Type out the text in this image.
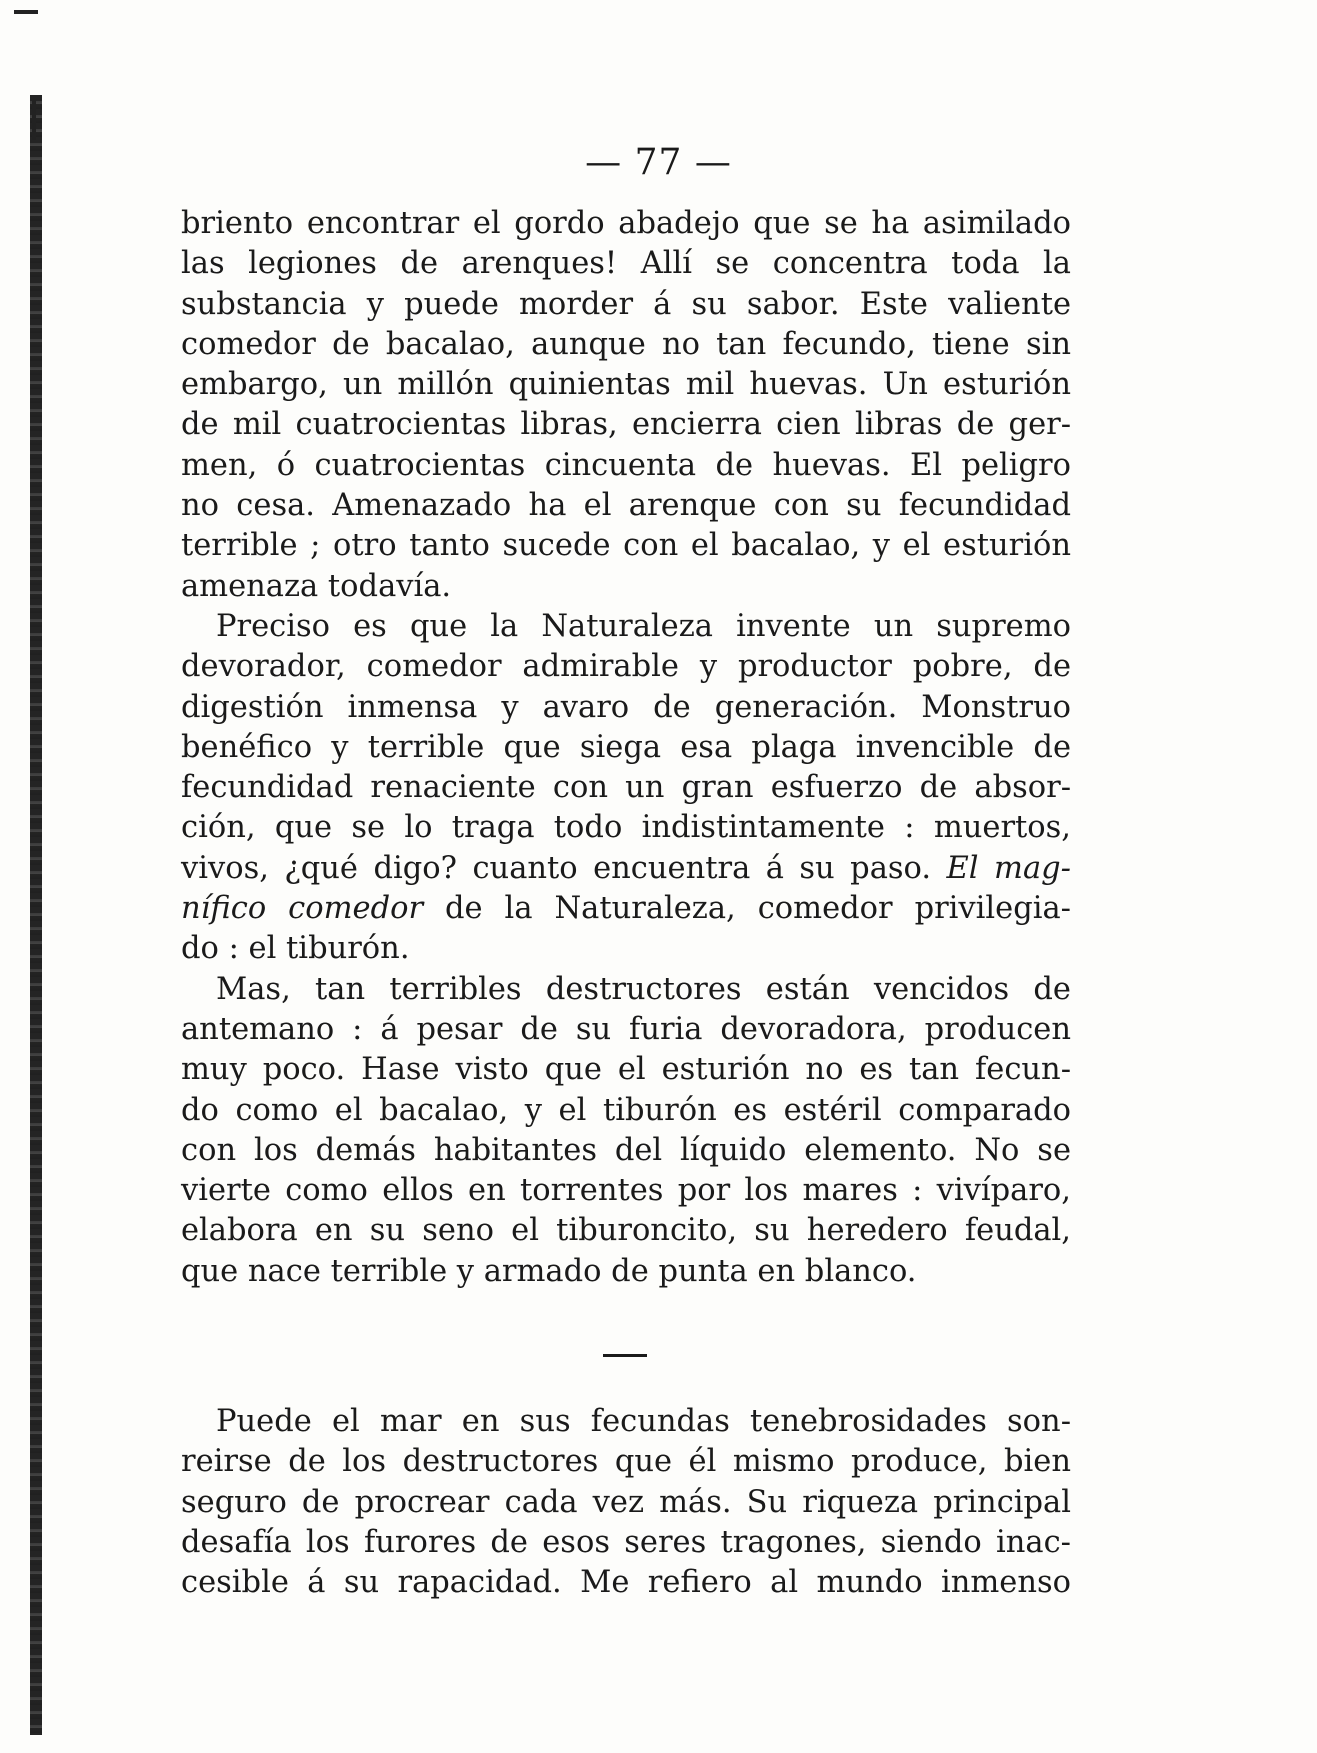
— 77 —
briento encontrar el gordo abadejo que se ha asimilado
las legiones de arenques! Allí se concentra toda la
substancia y puede morder á su sabor. Este valiente
comedor de bacalao, aunque no tan fecundo, tiene sin
embargo, un millón quinientas mil huevas. Un esturión
de mil cuatrocientas libras, encierra cien libras de ger-
men, ó cuatrocientas cincuenta de huevas. El peligro
no cesa. Amenazado ha el arenque con su fecundidad
terrible ; otro tanto sucede con el bacalao, y el esturión
amenaza todavía.
Preciso es que la Naturaleza invente un supremo
devorador, comedor admirable y productor pobre, de
digestión inmensa y avaro de generación. Monstruo
benéfico y terrible que siega esa plaga invencible de
fecundidad renaciente con un gran esfuerzo de absor-
ción, que se lo traga todo indistintamente : muertos,
vivos, ¿qué digo? cuanto encuentra á su paso. El mag-
nífico comedor de la Naturaleza, comedor privilegia-
do : el tiburón.
Mas, tan terribles destructores están vencidos de
antemano : á pesar de su furia devoradora, producen
muy poco. Hase visto que el esturión no es tan fecun-
do como el bacalao, y el tiburón es estéril comparado
con los demás habitantes del líquido elemento. No se
vierte como ellos en torrentes por los mares : vivíparo,
elabora en su seno el tiburoncito, su heredero feudal,
que nace terrible y armado de punta en blanco.
Puede el mar en sus fecundas tenebrosidades son-
reirse de los destructores que él mismo produce, bien
seguro de procrear cada vez más. Su riqueza principal
desafía los furores de esos seres tragones, siendo inac-
cesible á su rapacidad. Me refiero al mundo inmenso
